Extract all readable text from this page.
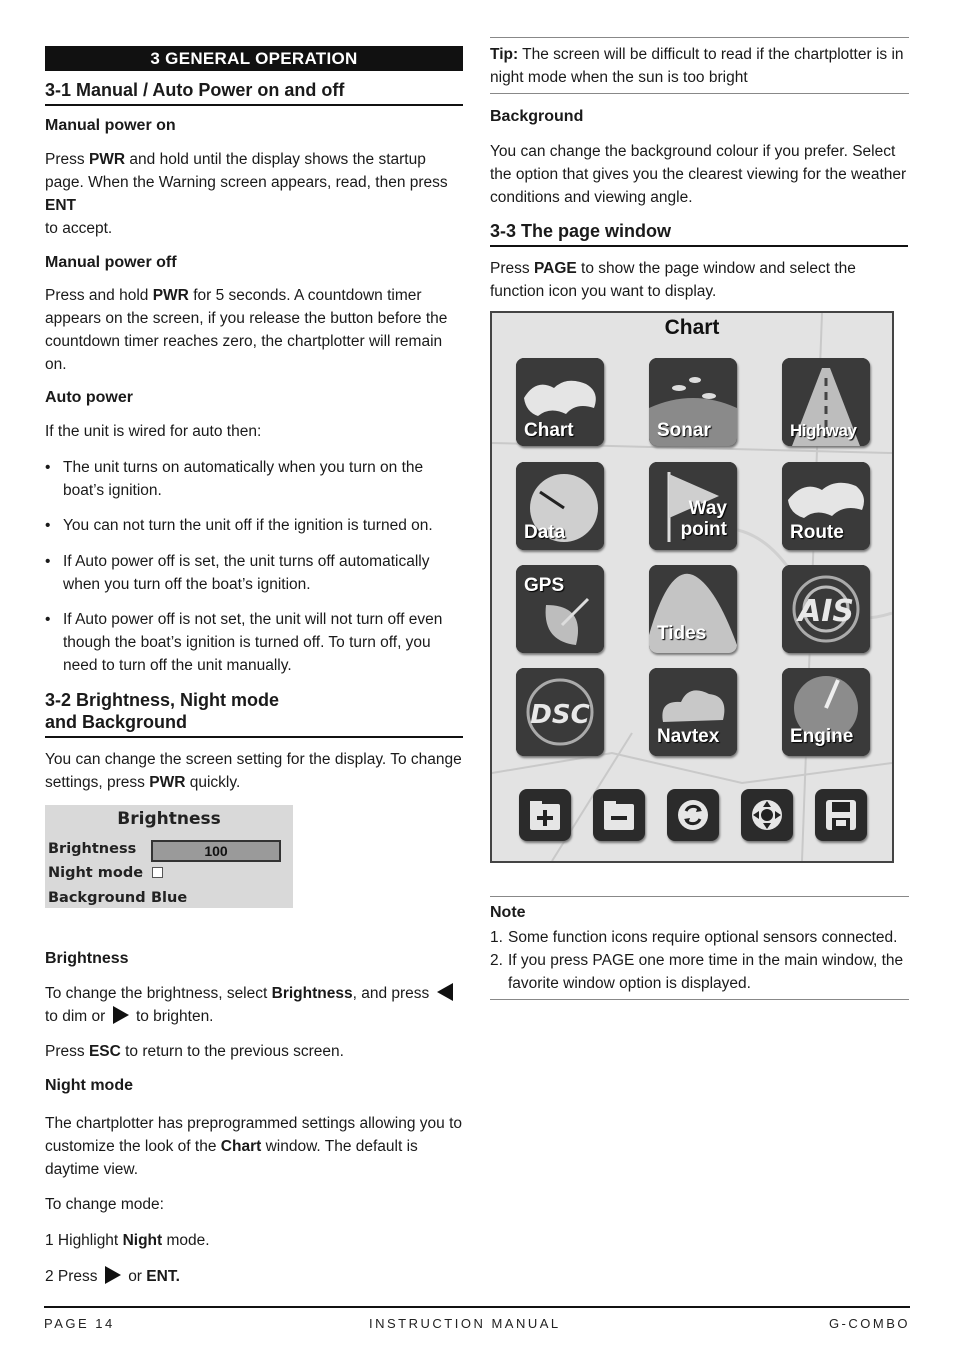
3 GENERAL OPERATION
3-1 Manual / Auto Power on and off
Manual power on

Press PWR and hold until the display shows the startup page. When the Warning screen appears, read, then press ENT
to accept.

Manual power off

Press and hold PWR for 5 seconds. A countdown timer appears on the screen, if you release the button before the countdown timer reaches zero, the chartplotter will remain on.

Auto power

If the unit is wired for auto then:

• The unit turns on automatically when you turn on the boat’s ignition.
• You can not turn the unit off if the ignition is turned on.
• If Auto power off is set, the unit turns off automatically when you turn off the boat’s ignition.
• If Auto power off is not set, the unit will not turn off even though the boat’s ignition is turned off. To turn off, you need to turn off the unit manually.
3-2 Brightness, Night mode
and Background

You can change the screen setting for the display. To change settings, press PWR quickly.

Brightness
Brightness	100
Night mode
Background Blue
Brightness

To change the brightness, select Brightness, and press
to dim or to brighten.

Press ESC to return to the previous screen.

Night mode

The chartplotter has preprogrammed settings allowing you to customize the look of the Chart window. The default is daytime view.

To change mode:

1 Highlight Night mode.

2 Press or ENT.

Tip: The screen will be difficult to read if the chartplotter is in night mode when the sun is too bright

Background

You can change the background colour if you prefer. Select the option that gives you the clearest viewing for the weather conditions and viewing angle.

3-3 The page window

Press PAGE to show the page window and select the function icon you want to display.

Chart
Chart	Sonar	Highway
Data
Way point	Route
GPS
Tides
AIS
DSC
Navtex	Engine
Note
1. Some function icons require optional sensors connected.
2. If you press PAGE one more time in the main window, the favorite window option is displayed.
PAGE 14	INSTRUCTION MANUAL	G-COMBO
